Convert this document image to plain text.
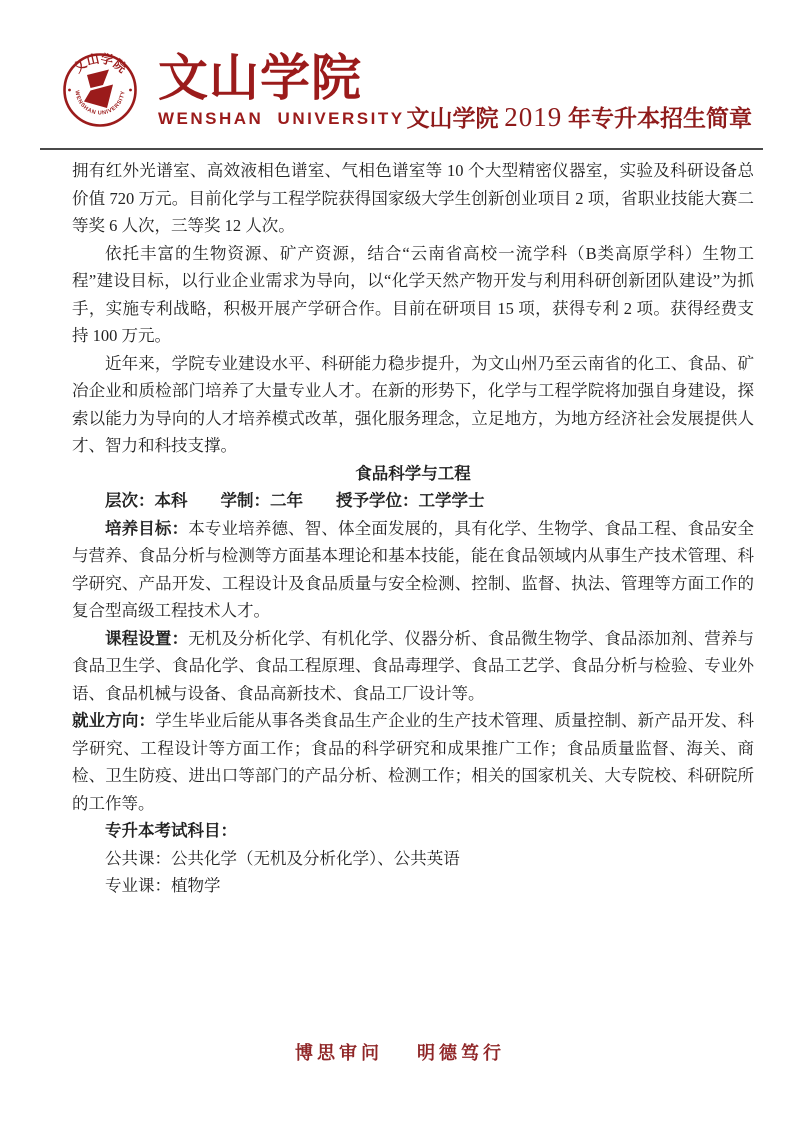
文山学院
WENSHAN UNIVERSITY 文山学院
WENSHAN UNIVERSITY 文山学院 2019 年专升本招生简章

拥有红外光谱室、高效液相色谱室、气相色谱室等 10 个大型精密仪器室，实验及科研设备总价值 720 万元。目前化学与工程学院获得国家级大学生创新创业项目 2 项，省职业技能大赛二等奖 6 人次，三等奖 12 人次。

依托丰富的生物资源、矿产资源，结合“云南省高校一流学科（B类高原学科）生物工程”建设目标，以行业企业需求为导向，以“化学天然产物开发与利用科研创新团队建设”为抓手，实施专利战略，积极开展产学研合作。目前在研项目 15 项，获得专利 2 项。获得经费支持 100 万元。

近年来，学院专业建设水平、科研能力稳步提升，为文山州乃至云南省的化工、食品、矿冶企业和质检部门培养了大量专业人才。在新的形势下，化学与工程学院将加强自身建设，探索以能力为导向的人才培养模式改革，强化服务理念，立足地方，为地方经济社会发展提供人才、智力和科技支撑。

食品科学与工程

层次：本科 学制：二年 授予学位：工学学士

培养目标：本专业培养德、智、体全面发展的，具有化学、生物学、食品工程、食品安全与营养、食品分析与检测等方面基本理论和基本技能，能在食品领域内从事生产技术管理、科学研究、产品开发、工程设计及食品质量与安全检测、控制、监督、执法、管理等方面工作的复合型高级工程技术人才。

课程设置：无机及分析化学、有机化学、仪器分析、食品微生物学、食品添加剂、营养与食品卫生学、食品化学、食品工程原理、食品毒理学、食品工艺学、食品分析与检验、专业外语、食品机械与设备、食品高新技术、食品工厂设计等。

就业方向：学生毕业后能从事各类食品生产企业的生产技术管理、质量控制、新产品开发、科学研究、工程设计等方面工作；食品的科学研究和成果推广工作；食品质量监督、海关、商检、卫生防疫、进出口等部门的产品分析、检测工作；相关的国家机关、大专院校、科研院所的工作等。

专升本考试科目：

公共课：公共化学（无机及分析化学）、公共英语

专业课：植物学

博思审问 明德笃行
